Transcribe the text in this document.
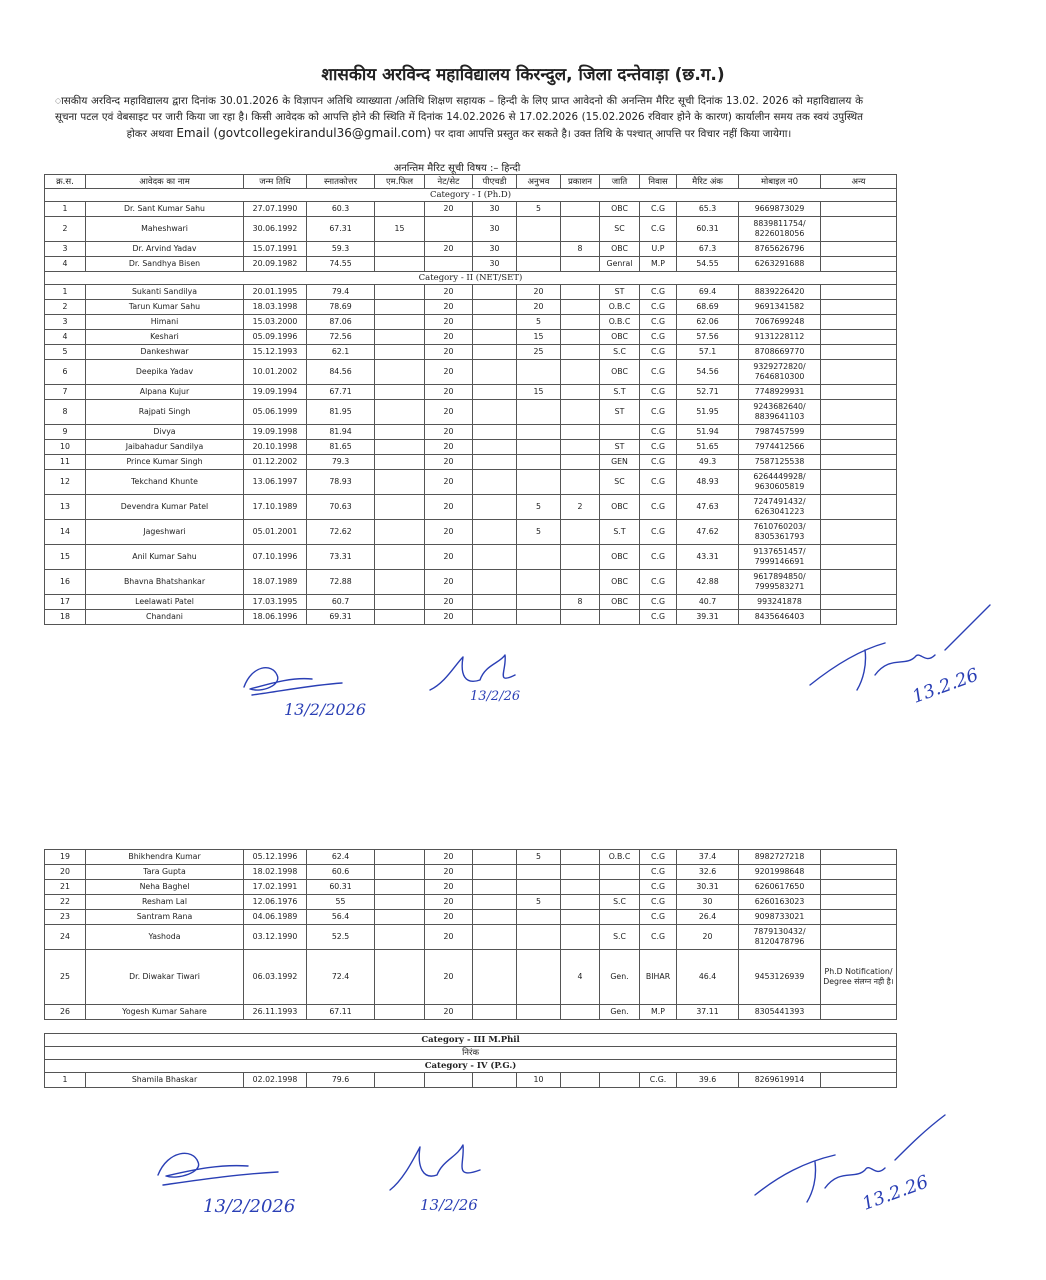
शासकीय अरविन्द महाविद्यालय किरन्दुल, जिला दन्तेवाड़ा (छ.ग.)
ासकीय अरविन्द महाविद्यालय द्वारा दिनांक 30.01.2026 के विज्ञापन अतिथि व्याख्याता /अतिथि शिक्षण सहायक – हिन्दी के लिए प्राप्त आवेदनो की अनन्तिम मैरिट सूची दिनांक 13.02. 2026 को महाविद्यालय के सूचना पटल एवं वेबसाइट पर जारी किया जा रहा है। किसी आवेदक को आपत्ति होने की स्थिति में दिनांक 14.02.2026 से 17.02.2026 (15.02.2026 रविवार होने के कारण) कार्यालीन समय तक स्वयं उपुस्थित होकर अथवा Email (govtcollegekirandul36@gmail.com) पर दावा आपत्ति प्रस्तुत कर सकते है। उक्त तिथि के पश्चात् आपत्ति पर विचार नहीं किया जायेगा।
अनन्तिम मैरिट सूची विषय :– हिन्दी
क्र.स.	आवेदक का नाम	जन्म तिथि	स्नातकोत्तर	एम.फिल	नेट/सेट	पीएचडी	अनुभव	प्रकाशन	जाति	निवास	मैरिट अंक	मोबाइल न0	अन्य
Category - I (Ph.D)													
1	Dr. Sant Kumar Sahu	27.07.1990	60.3		20	30	5		OBC	C.G	65.3	9669873029	
2	Maheshwari	30.06.1992	67.31	15		30			SC	C.G	60.31	8839811754/ 8226018056	
3	Dr. Arvind Yadav	15.07.1991	59.3		20	30		8	OBC	U.P	67.3	8765626796	
4	Dr. Sandhya Bisen	20.09.1982	74.55			30			Genral	M.P	54.55	6263291688	
Category - II (NET/SET)													
1	Sukanti Sandilya	20.01.1995	79.4		20		20		ST	C.G	69.4	8839226420	
2	Tarun Kumar Sahu	18.03.1998	78.69		20		20		O.B.C	C.G	68.69	9691341582	
3	Himani	15.03.2000	87.06		20		5		O.B.C	C.G	62.06	7067699248	
4	Keshari	05.09.1996	72.56		20		15		OBC	C.G	57.56	9131228112	
5	Dankeshwar	15.12.1993	62.1		20		25		S.C	C.G	57.1	8708669770	
6	Deepika Yadav	10.01.2002	84.56		20				OBC	C.G	54.56	9329272820/ 7646810300	
7	Alpana Kujur	19.09.1994	67.71		20		15		S.T	C.G	52.71	7748929931	
8	Rajpati Singh	05.06.1999	81.95		20				ST	C.G	51.95	9243682640/ 8839641103	
9	Divya	19.09.1998	81.94		20					C.G	51.94	7987457599	
10	Jaibahadur Sandilya	20.10.1998	81.65		20				ST	C.G	51.65	7974412566	
11	Prince Kumar Singh	01.12.2002	79.3		20				GEN	C.G	49.3	7587125538	
12	Tekchand Khunte	13.06.1997	78.93		20				SC	C.G	48.93	6264449928/ 9630605819	
13	Devendra Kumar Patel	17.10.1989	70.63		20		5	2	OBC	C.G	47.63	7247491432/ 6263041223	
14	Jageshwari	05.01.2001	72.62		20		5		S.T	C.G	47.62	7610760203/ 8305361793	
15	Anil Kumar Sahu	07.10.1996	73.31		20				OBC	C.G	43.31	9137651457/ 7999146691	
16	Bhavna Bhatshankar	18.07.1989	72.88		20				OBC	C.G	42.88	9617894850/ 7999583271	
17	Leelawati Patel	17.03.1995	60.7		20			8	OBC	C.G	40.7	993241878	
18	Chandani	18.06.1996	69.31		20					C.G	39.31	8435646403	
19	Bhikhendra Kumar	05.12.1996	62.4		20		5		O.B.C	C.G	37.4	8982727218	
20	Tara Gupta	18.02.1998	60.6		20					C.G	32.6	9201998648	
21	Neha Baghel	17.02.1991	60.31		20					C.G	30.31	6260617650	
22	Resham Lal	12.06.1976	55		20		5		S.C	C.G	30	6260163023	
23	Santram Rana	04.06.1989	56.4		20					C.G	26.4	9098733021	
24	Yashoda	03.12.1990	52.5		20				S.C	C.G	20	7879130432/ 8120478796	
25	Dr. Diwakar Tiwari	06.03.1992	72.4		20			4	Gen.	BIHAR	46.4	9453126939	Ph.D Notification/ Degree संलग्न नही है।
26	Yogesh Kumar Sahare	26.11.1993	67.11		20				Gen.	M.P	37.11	8305441393	
Category - III M.Phil
निरंक
Category - IV (P.G.)
1	Shamila Bhaskar	02.02.1998	79.6				10			C.G.	39.6	8269619914	
13/2/2026
13/2/26	13.2.26
13/2/2026	13/2/26	13.2.26
